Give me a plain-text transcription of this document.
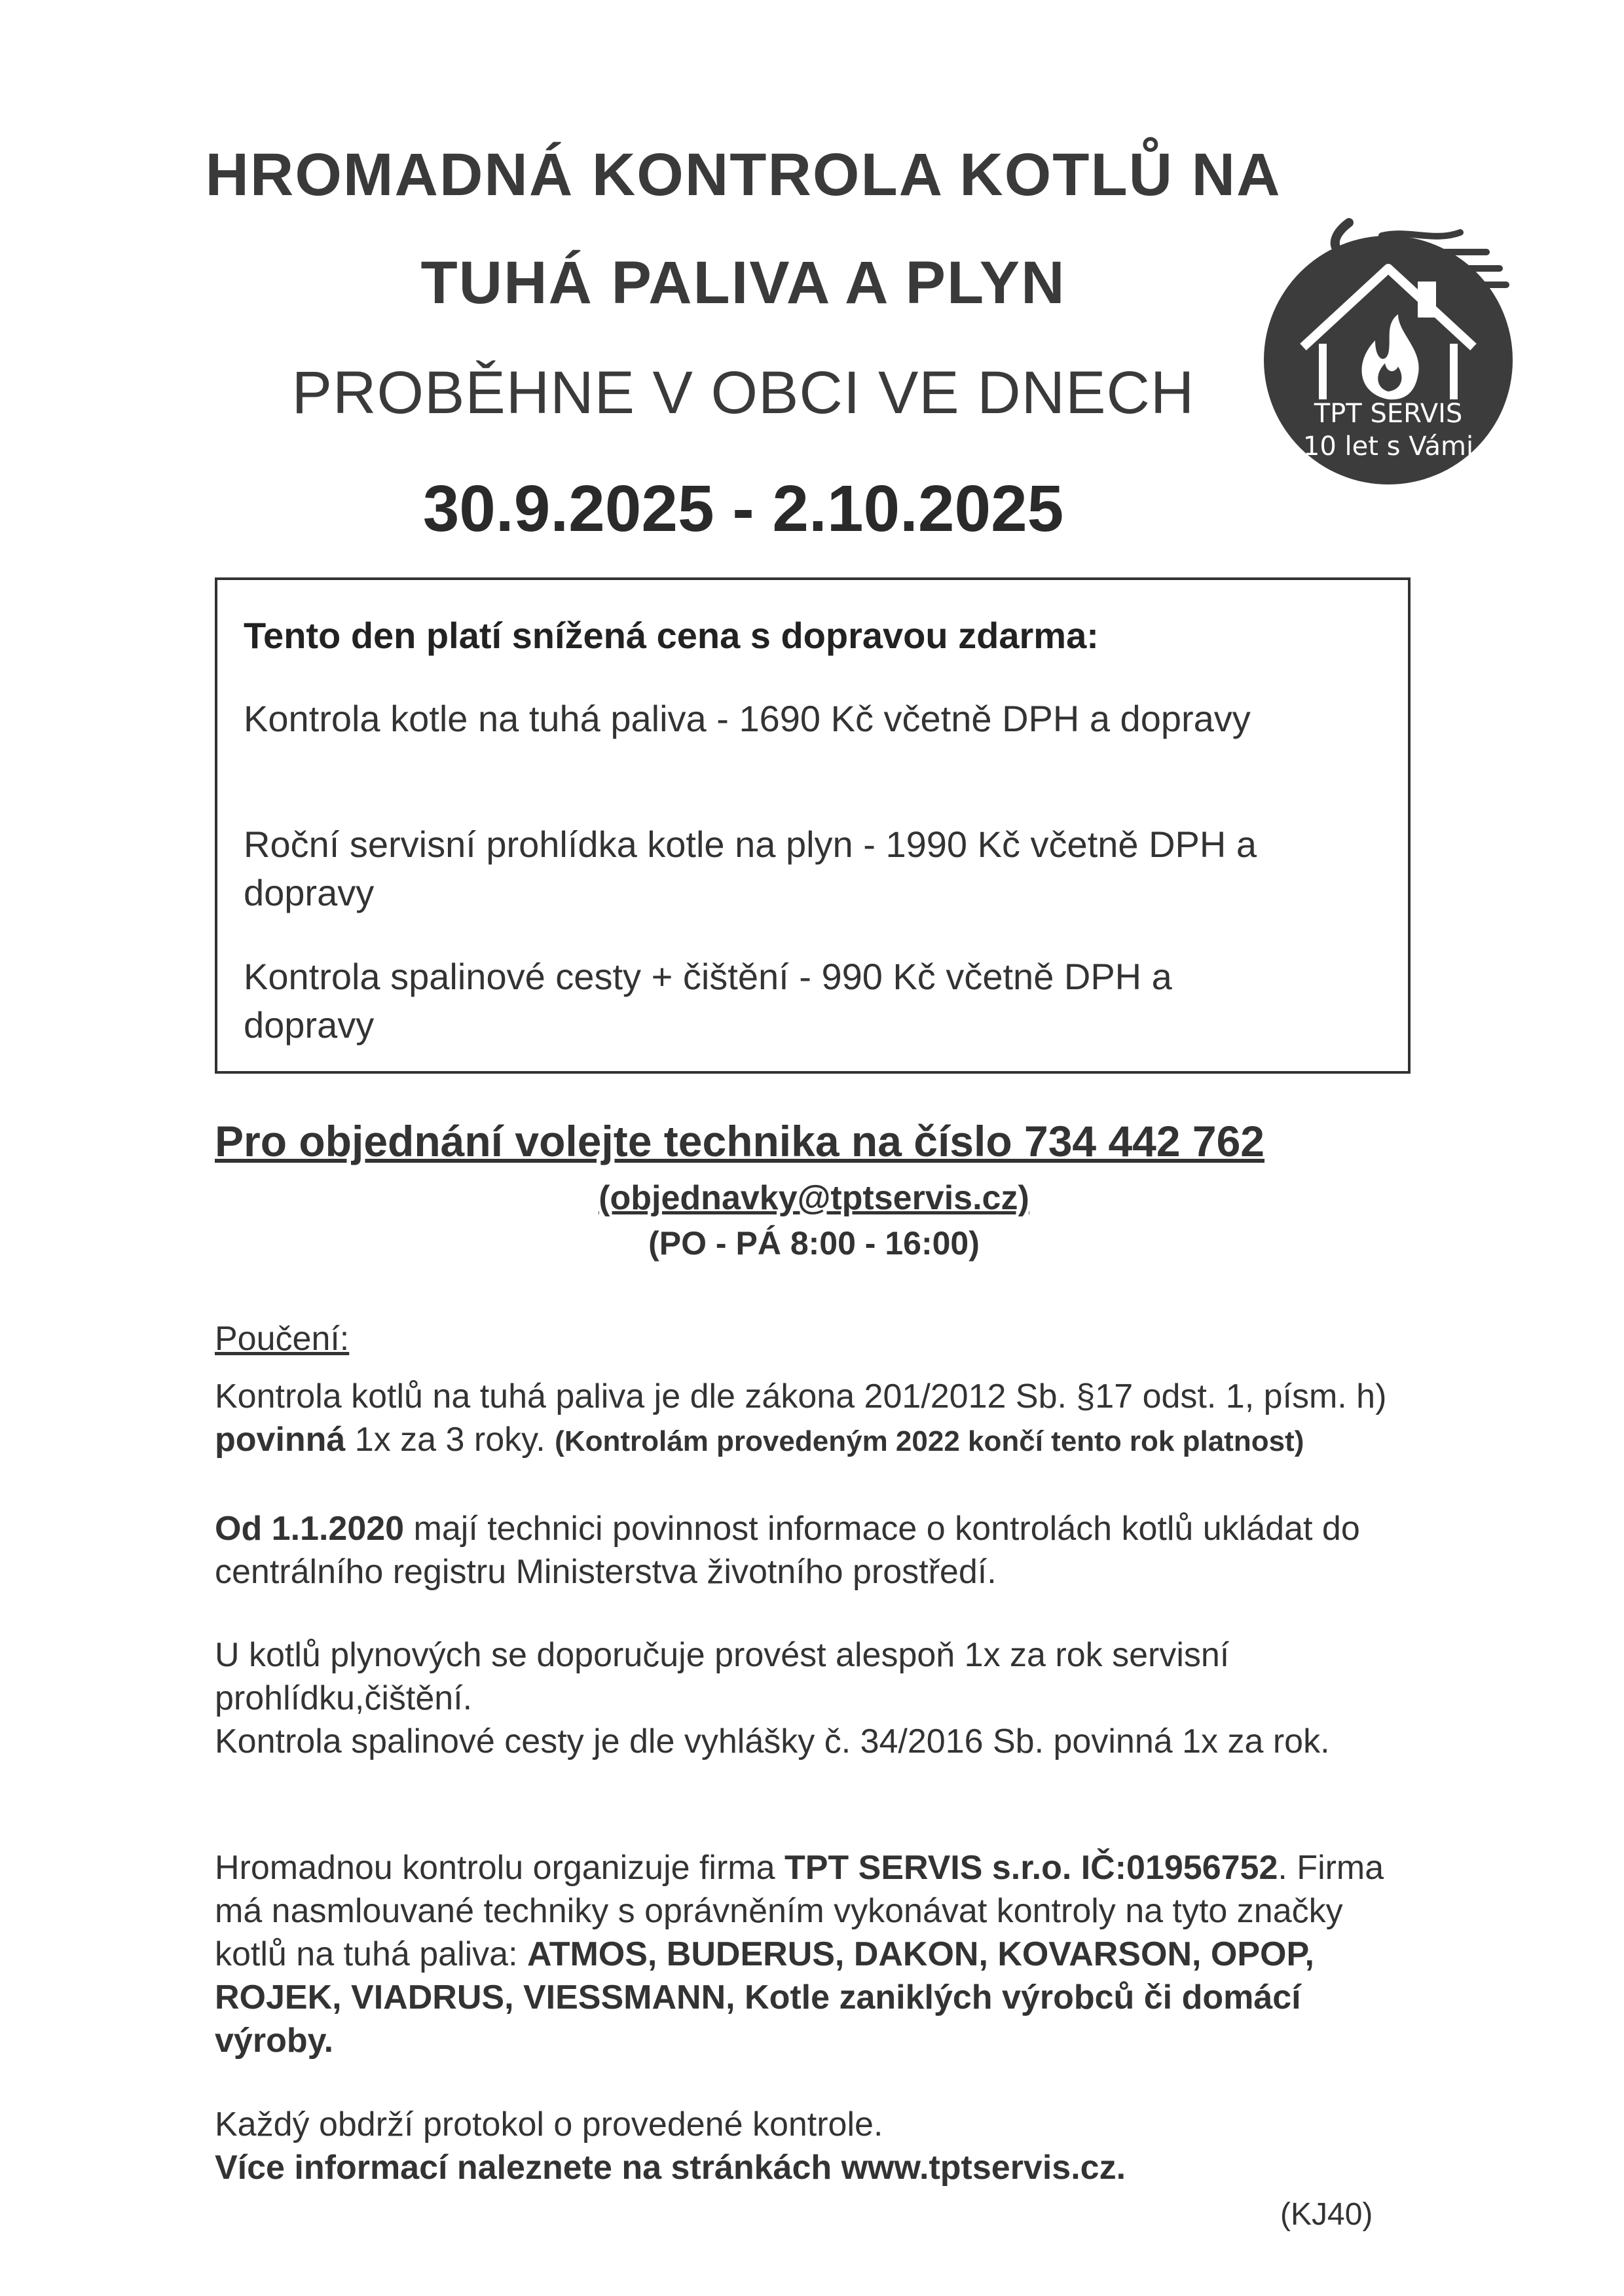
HROMADNÁ KONTROLA KOTLŮ NA
TUHÁ PALIVA A PLYN
PROBĚHNE V OBCI VE DNECH
30.9.2025 - 2.10.2025
✦
✦
TPT SERVIS
10 let s Vámi
Tento den platí snížená cena s dopravou zdarma:
Kontrola kotle na tuhá paliva - 1690 Kč včetně DPH a dopravy
Roční servisní prohlídka kotle na plyn - 1990 Kč včetně DPH a dopravy
Kontrola spalinové cesty + čištění - 990 Kč včetně DPH a dopravy
Pro objednání volejte technika na číslo 734 442 762
(objednavky@tptservis.cz)
(PO - PÁ 8:00 - 16:00)
Poučení:
Kontrola kotlů na tuhá paliva je dle zákona 201/2012 Sb. §17 odst. 1, písm. h) povinná 1x za 3 roky. (Kontrolám provedeným 2022 končí tento rok platnost)
Od 1.1.2020 mají technici povinnost informace o kontrolách kotlů ukládat do centrálního registru Ministerstva životního prostředí.
U kotlů plynových se doporučuje provést alespoň 1x za rok servisní prohlídku,čištění.
Kontrola spalinové cesty je dle vyhlášky č. 34/2016 Sb. povinná 1x za rok.
Hromadnou kontrolu organizuje firma TPT SERVIS s.r.o. IČ:01956752. Firma má nasmlouvané techniky s oprávněním vykonávat kontroly na tyto značky kotlů na tuhá paliva: ATMOS, BUDERUS, DAKON, KOVARSON, OPOP, ROJEK, VIADRUS, VIESSMANN, Kotle zaniklých výrobců či domácí výroby.
Každý obdrží protokol o provedené kontrole.
Více informací naleznete na stránkách www.tptservis.cz.
(KJ40)
